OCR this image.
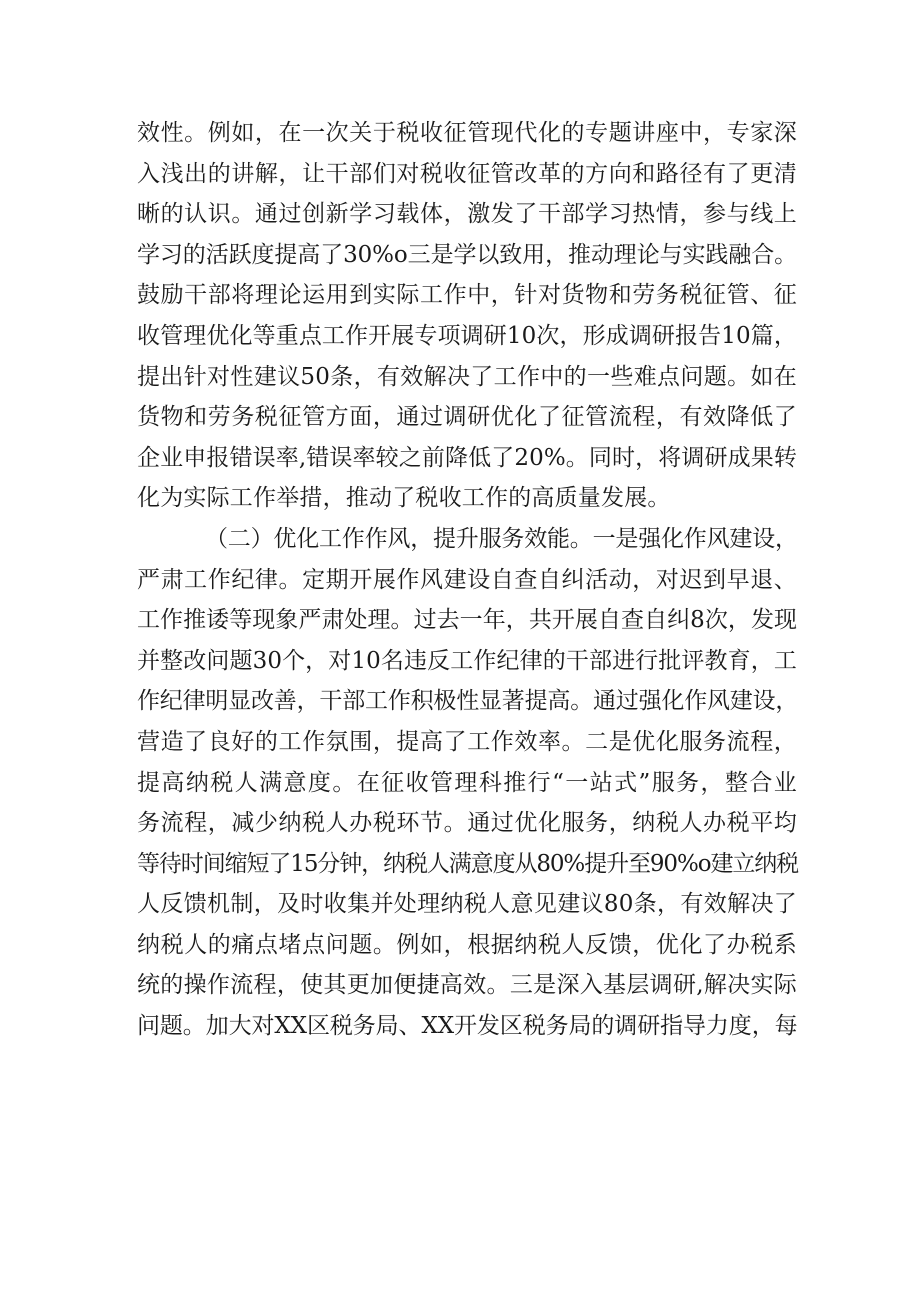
效性。例如，在一次关于税收征管现代化的专题讲座中，专家深
入浅出的讲解，让干部们对税收征管改革的方向和路径有了更清
晰的认识。通过创新学习载体，激发了干部学习热情，参与线上
学习的活跃度提高了30%o三是学以致用，推动理论与实践融合。
鼓励干部将理论运用到实际工作中，针对货物和劳务税征管、征
收管理优化等重点工作开展专项调研10次，形成调研报告10篇，
提出针对性建议50条，有效解决了工作中的一些难点问题。如在
货物和劳务税征管方面，通过调研优化了征管流程，有效降低了
企业申报错误率,错误率较之前降低了20%。同时，将调研成果转
化为实际工作举措，推动了税收工作的高质量发展。
（二）优化工作作风，提升服务效能。一是强化作风建设，
严肃工作纪律。定期开展作风建设自查自纠活动，对迟到早退、
工作推诿等现象严肃处理。过去一年，共开展自查自纠8次，发现
并整改问题30个，对10名违反工作纪律的干部进行批评教育，工
作纪律明显改善，干部工作积极性显著提高。通过强化作风建设，
营造了良好的工作氛围，提高了工作效率。二是优化服务流程，
提高纳税人满意度。在征收管理科推行“一站式”服务，整合业
务流程，减少纳税人办税环节。通过优化服务，纳税人办税平均
等待时间缩短了15分钟，纳税人满意度从80%提升至90%o建立纳税
人反馈机制，及时收集并处理纳税人意见建议80条，有效解决了
纳税人的痛点堵点问题。例如，根据纳税人反馈，优化了办税系
统的操作流程，使其更加便捷高效。三是深入基层调研,解决实际
问题。加大对XX区税务局、XX开发区税务局的调研指导力度，每
